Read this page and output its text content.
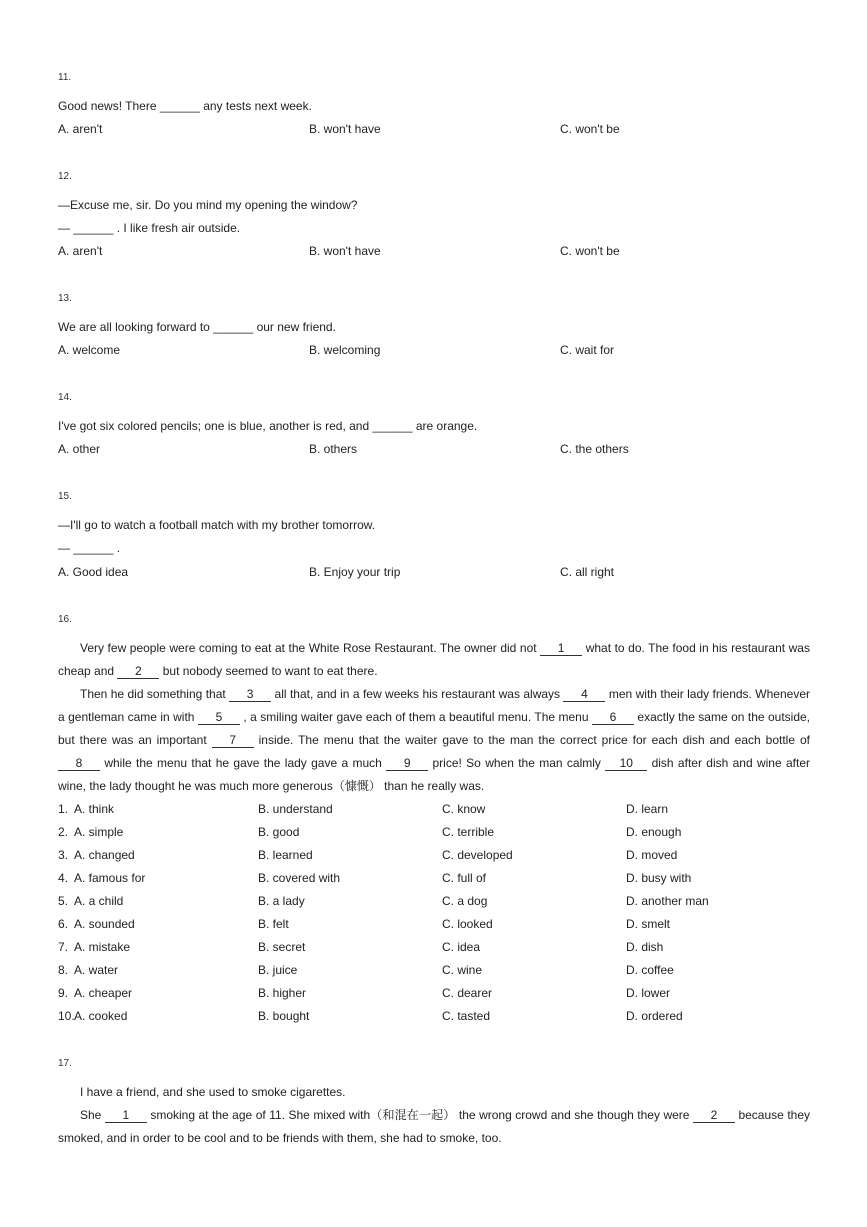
11.
Good news! There ______ any tests next week.
A. aren't	B. won't have	C. won't be
12.
—Excuse me, sir. Do you mind my opening the window?
— ______ . I like fresh air outside.
A. aren't	B. won't have	C. won't be
13.
We are all looking forward to ______ our new friend.
A. welcome	B. welcoming	C. wait for
14.
I've got six colored pencils; one is blue, another is red, and ______ are orange.
A. other	B. others	C. the others
15.
—I'll go to watch a football match with my brother tomorrow.
— ______ .
A. Good idea	B. Enjoy your trip	C. all right
16.
Very few people were coming to eat at the White Rose Restaurant. The owner did not 1 what to do. The food in his restaurant was cheap and 2 but nobody seemed to want to eat there.
Then he did something that 3 all that, and in a few weeks his restaurant was always 4 men with their lady friends. Whenever a gentleman came in with 5 , a smiling waiter gave each of them a beautiful menu. The menu 6 exactly the same on the outside, but there was an important 7 inside. The menu that the waiter gave to the man the correct price for each dish and each bottle of 8 while the menu that he gave the lady gave a much 9 price! So when the man calmly 10 dish after dish and wine after wine, the lady thought he was much more generous（慷慨） than he really was.
1. A. think	B. understand	C. know	D. learn
2. A. simple	B. good	C. terrible	D. enough
3. A. changed	B. learned	C. developed	D. moved
4. A. famous for	B. covered with	C. full of	D. busy with
5. A. a child	B. a lady	C. a dog	D. another man
6. A. sounded	B. felt	C. looked	D. smelt
7. A. mistake	B. secret	C. idea	D. dish
8. A. water	B. juice	C. wine	D. coffee
9. A. cheaper	B. higher	C. dearer	D. lower
10. A. cooked	B. bought	C. tasted	D. ordered
17.
I have a friend, and she used to smoke cigarettes.
She 1 smoking at the age of 11. She mixed with（和混在一起） the wrong crowd and she though they were 2 because they smoked, and in order to be cool and to be friends with them, she had to smoke, too.
